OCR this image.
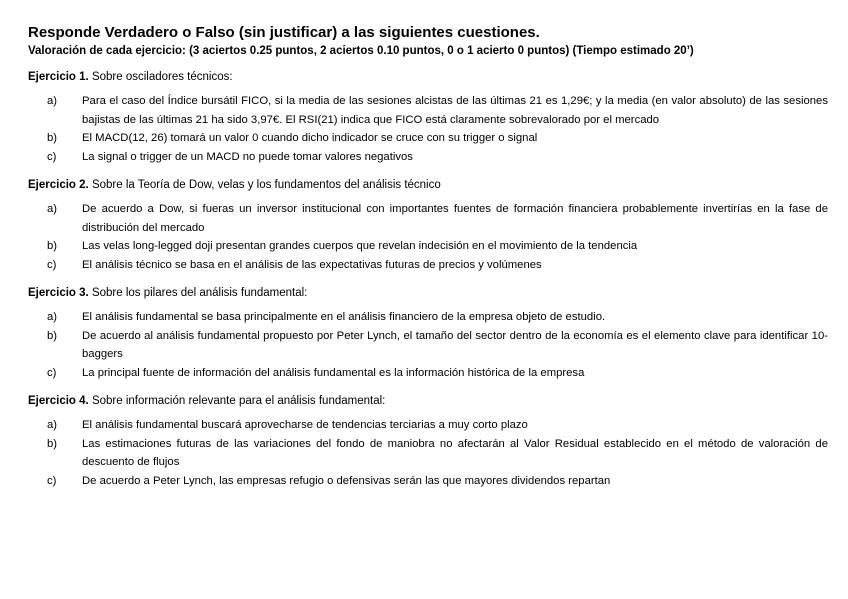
Responde Verdadero o Falso (sin justificar) a las siguientes cuestiones.
Valoración de cada ejercicio: (3 aciertos 0.25 puntos, 2 aciertos 0.10 puntos, 0 o 1 acierto 0 puntos) (Tiempo estimado 20’)
Ejercicio 1. Sobre osciladores técnicos:
a)	Para el caso del Índice bursátil FICO, si la media de las sesiones alcistas de las últimas 21 es 1,29€; y la media (en valor absoluto) de las sesiones bajistas de las últimas 21 ha sido 3,97€. El RSI(21) indica que FICO está claramente sobrevalorado por el mercado
b)	El MACD(12, 26) tomará un valor 0 cuando dicho indicador se cruce con su trigger o signal
c)	La signal o trigger de un MACD no puede tomar valores negativos
Ejercicio 2. Sobre la Teoría de Dow, velas y los fundamentos del análisis técnico
a)	De acuerdo a Dow, si fueras un inversor institucional con importantes fuentes de formación financiera probablemente invertirías en la fase de distribución del mercado
b)	Las velas long-legged doji presentan grandes cuerpos que revelan indecisión en el movimiento de la tendencia
c)	El análisis técnico se basa en el análisis de las expectativas futuras de precios y volúmenes
Ejercicio 3. Sobre los pilares del análisis fundamental:
a)	El análisis fundamental se basa principalmente en el análisis financiero de la empresa objeto de estudio.
b)	De acuerdo al análisis fundamental propuesto por Peter Lynch, el tamaño del sector dentro de la economía es el elemento clave para identificar 10-baggers
c)	La principal fuente de información del análisis fundamental es la información histórica de la empresa
Ejercicio 4. Sobre información relevante para el análisis fundamental:
a)	El análisis fundamental buscará aprovecharse de tendencias terciarias a muy corto plazo
b)	Las estimaciones futuras de las variaciones del fondo de maniobra no afectarán al Valor Residual establecido en el método de valoración de descuento de flujos
c)	De acuerdo a Peter Lynch, las empresas refugio o defensivas serán las que mayores dividendos repartan
